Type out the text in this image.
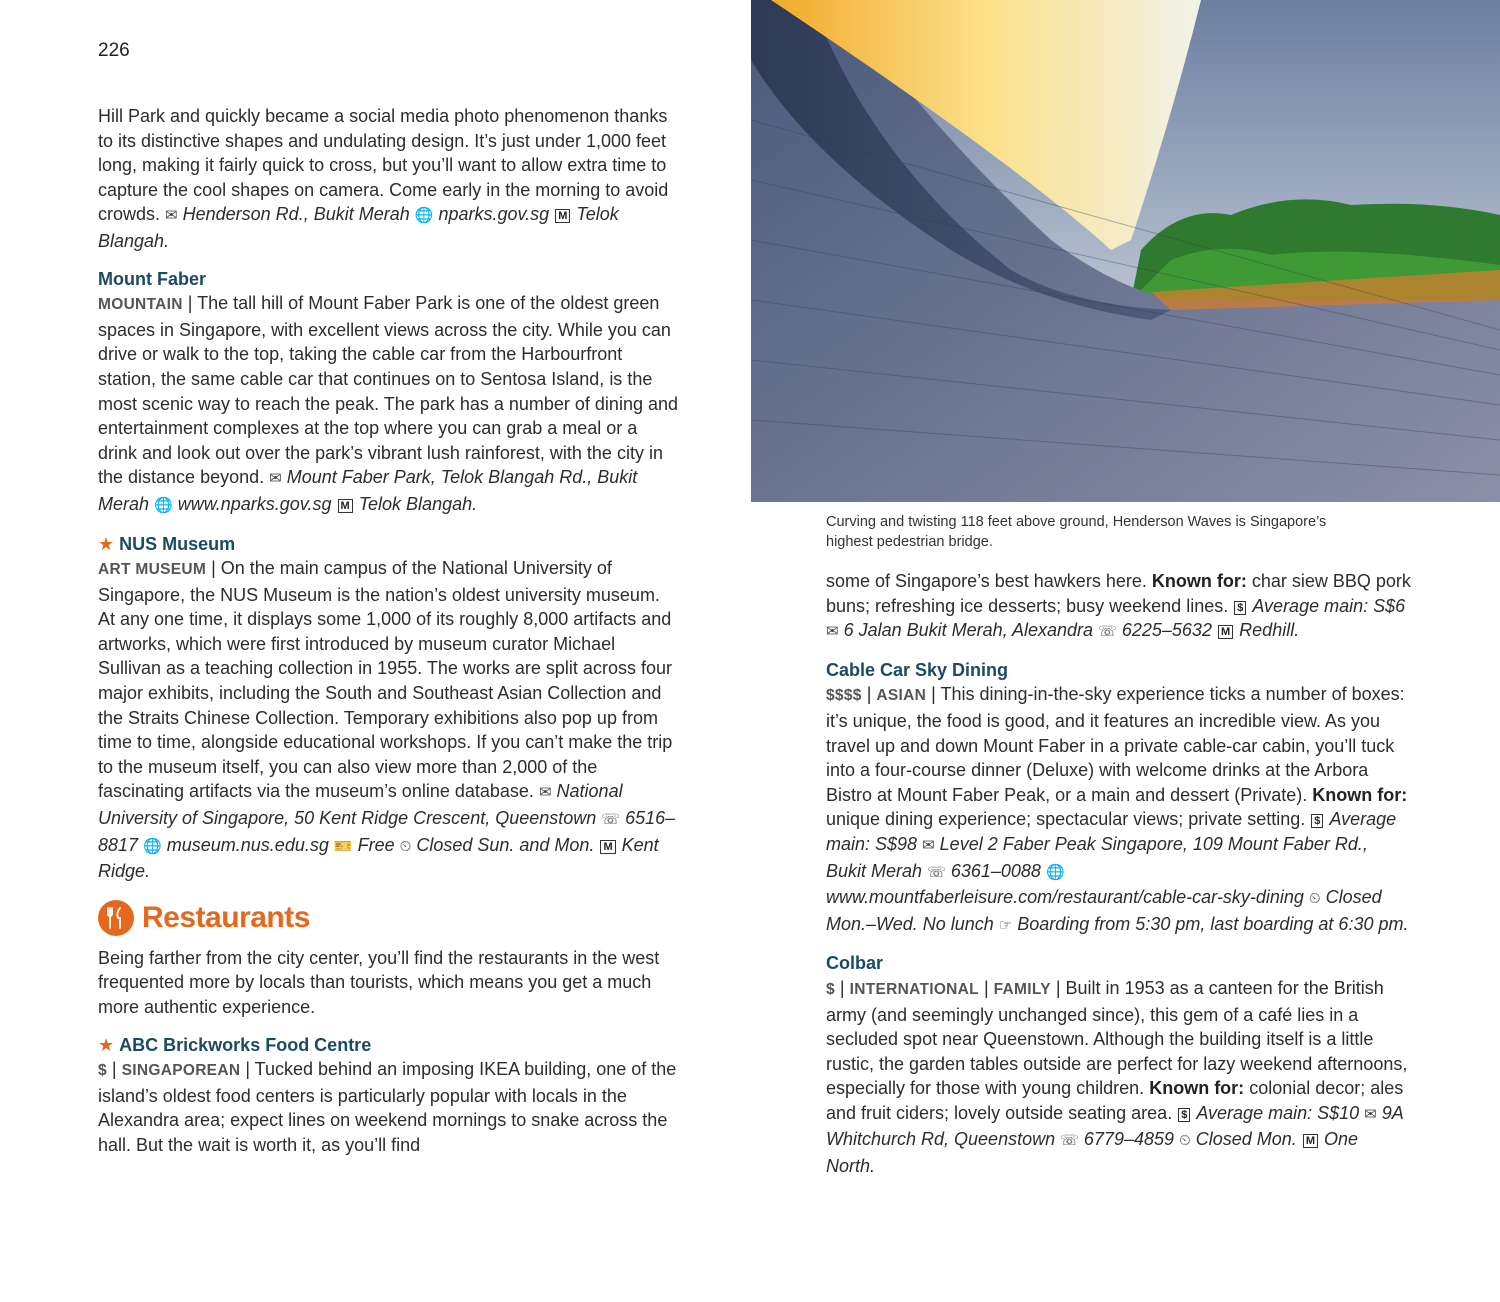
226

Hill Park and quickly became a social media photo phenomenon thanks to its distinctive shapes and undulating design. It’s just under 1,000 feet long, making it fairly quick to cross, but you’ll want to allow extra time to capture the cool shapes on camera. Come early in the morning to avoid crowds. ✉ Henderson Rd., Bukit Merah 🌐 nparks.gov.sg M Telok Blangah.

Mount Faber
MOUNTAIN | The tall hill of Mount Faber Park is one of the oldest green spaces in Singapore, with excellent views across the city. While you can drive or walk to the top, taking the cable car from the Harbourfront station, the same cable car that continues on to Sentosa Island, is the most scenic way to reach the peak. The park has a number of dining and entertainment complexes at the top where you can grab a meal or a drink and look out over the park’s vibrant lush rainforest, with the city in the distance beyond. ✉ Mount Faber Park, Telok Blangah Rd., Bukit Merah 🌐 www.nparks.gov.sg M Telok Blangah.

★ NUS Museum
ART MUSEUM | On the main campus of the National University of Singapore, the NUS Museum is the nation’s oldest university museum. At any one time, it displays some 1,000 of its roughly 8,000 artifacts and artworks, which were first introduced by museum curator Michael Sullivan as a teaching collection in 1955. The works are split across four major exhibits, including the South and Southeast Asian Collection and the Straits Chinese Collection. Temporary exhibitions also pop up from time to time, alongside educational workshops. If you can’t make the trip to the museum itself, you can also view more than 2,000 of the fascinating artifacts via the museum’s online database. ✉ National University of Singapore, 50 Kent Ridge Crescent, Queenstown ☏ 6516–8817 🌐 museum.nus.edu.sg 🎫 Free ⏲ Closed Sun. and Mon. M Kent Ridge.

Restaurants

Being farther from the city center, you’ll find the restaurants in the west frequented more by locals than tourists, which means you get a much more authentic experience.

★ ABC Brickworks Food Centre
$ | SINGAPOREAN | Tucked behind an imposing IKEA building, one of the island’s oldest food centers is particularly popular with locals in the Alexandra area; expect lines on weekend mornings to snake across the hall. But the wait is worth it, as you’ll find

Curving and twisting 118 feet above ground, Henderson Waves is Singapore’s highest pedestrian bridge.

some of Singapore’s best hawkers here. Known for: char siew BBQ pork buns; refreshing ice desserts; busy weekend lines. $ Average main: S$6 ✉ 6 Jalan Bukit Merah, Alexandra ☏ 6225–5632 M Redhill.

Cable Car Sky Dining
$$$$ | ASIAN | This dining-in-the-sky experience ticks a number of boxes: it’s unique, the food is good, and it features an incredible view. As you travel up and down Mount Faber in a private cable-car cabin, you’ll tuck into a four-course dinner (Deluxe) with welcome drinks at the Arbora Bistro at Mount Faber Peak, or a main and dessert (Private). Known for: unique dining experience; spectacular views; private setting. $ Average main: S$98 ✉ Level 2 Faber Peak Singapore, 109 Mount Faber Rd., Bukit Merah ☏ 6361–0088 🌐 www.mountfaberleisure.com/restaurant/cable-car-sky-dining ⏲ Closed Mon.–Wed. No lunch ☞ Boarding from 5:30 pm, last boarding at 6:30 pm.

Colbar
$ | INTERNATIONAL | FAMILY | Built in 1953 as a canteen for the British army (and seemingly unchanged since), this gem of a café lies in a secluded spot near Queenstown. Although the building itself is a little rustic, the garden tables outside are perfect for lazy weekend afternoons, especially for those with young children. Known for: colonial decor; ales and fruit ciders; lovely outside seating area. $ Average main: S$10 ✉ 9A Whitchurch Rd, Queenstown ☏ 6779–4859 ⏲ Closed Mon. M One North.
